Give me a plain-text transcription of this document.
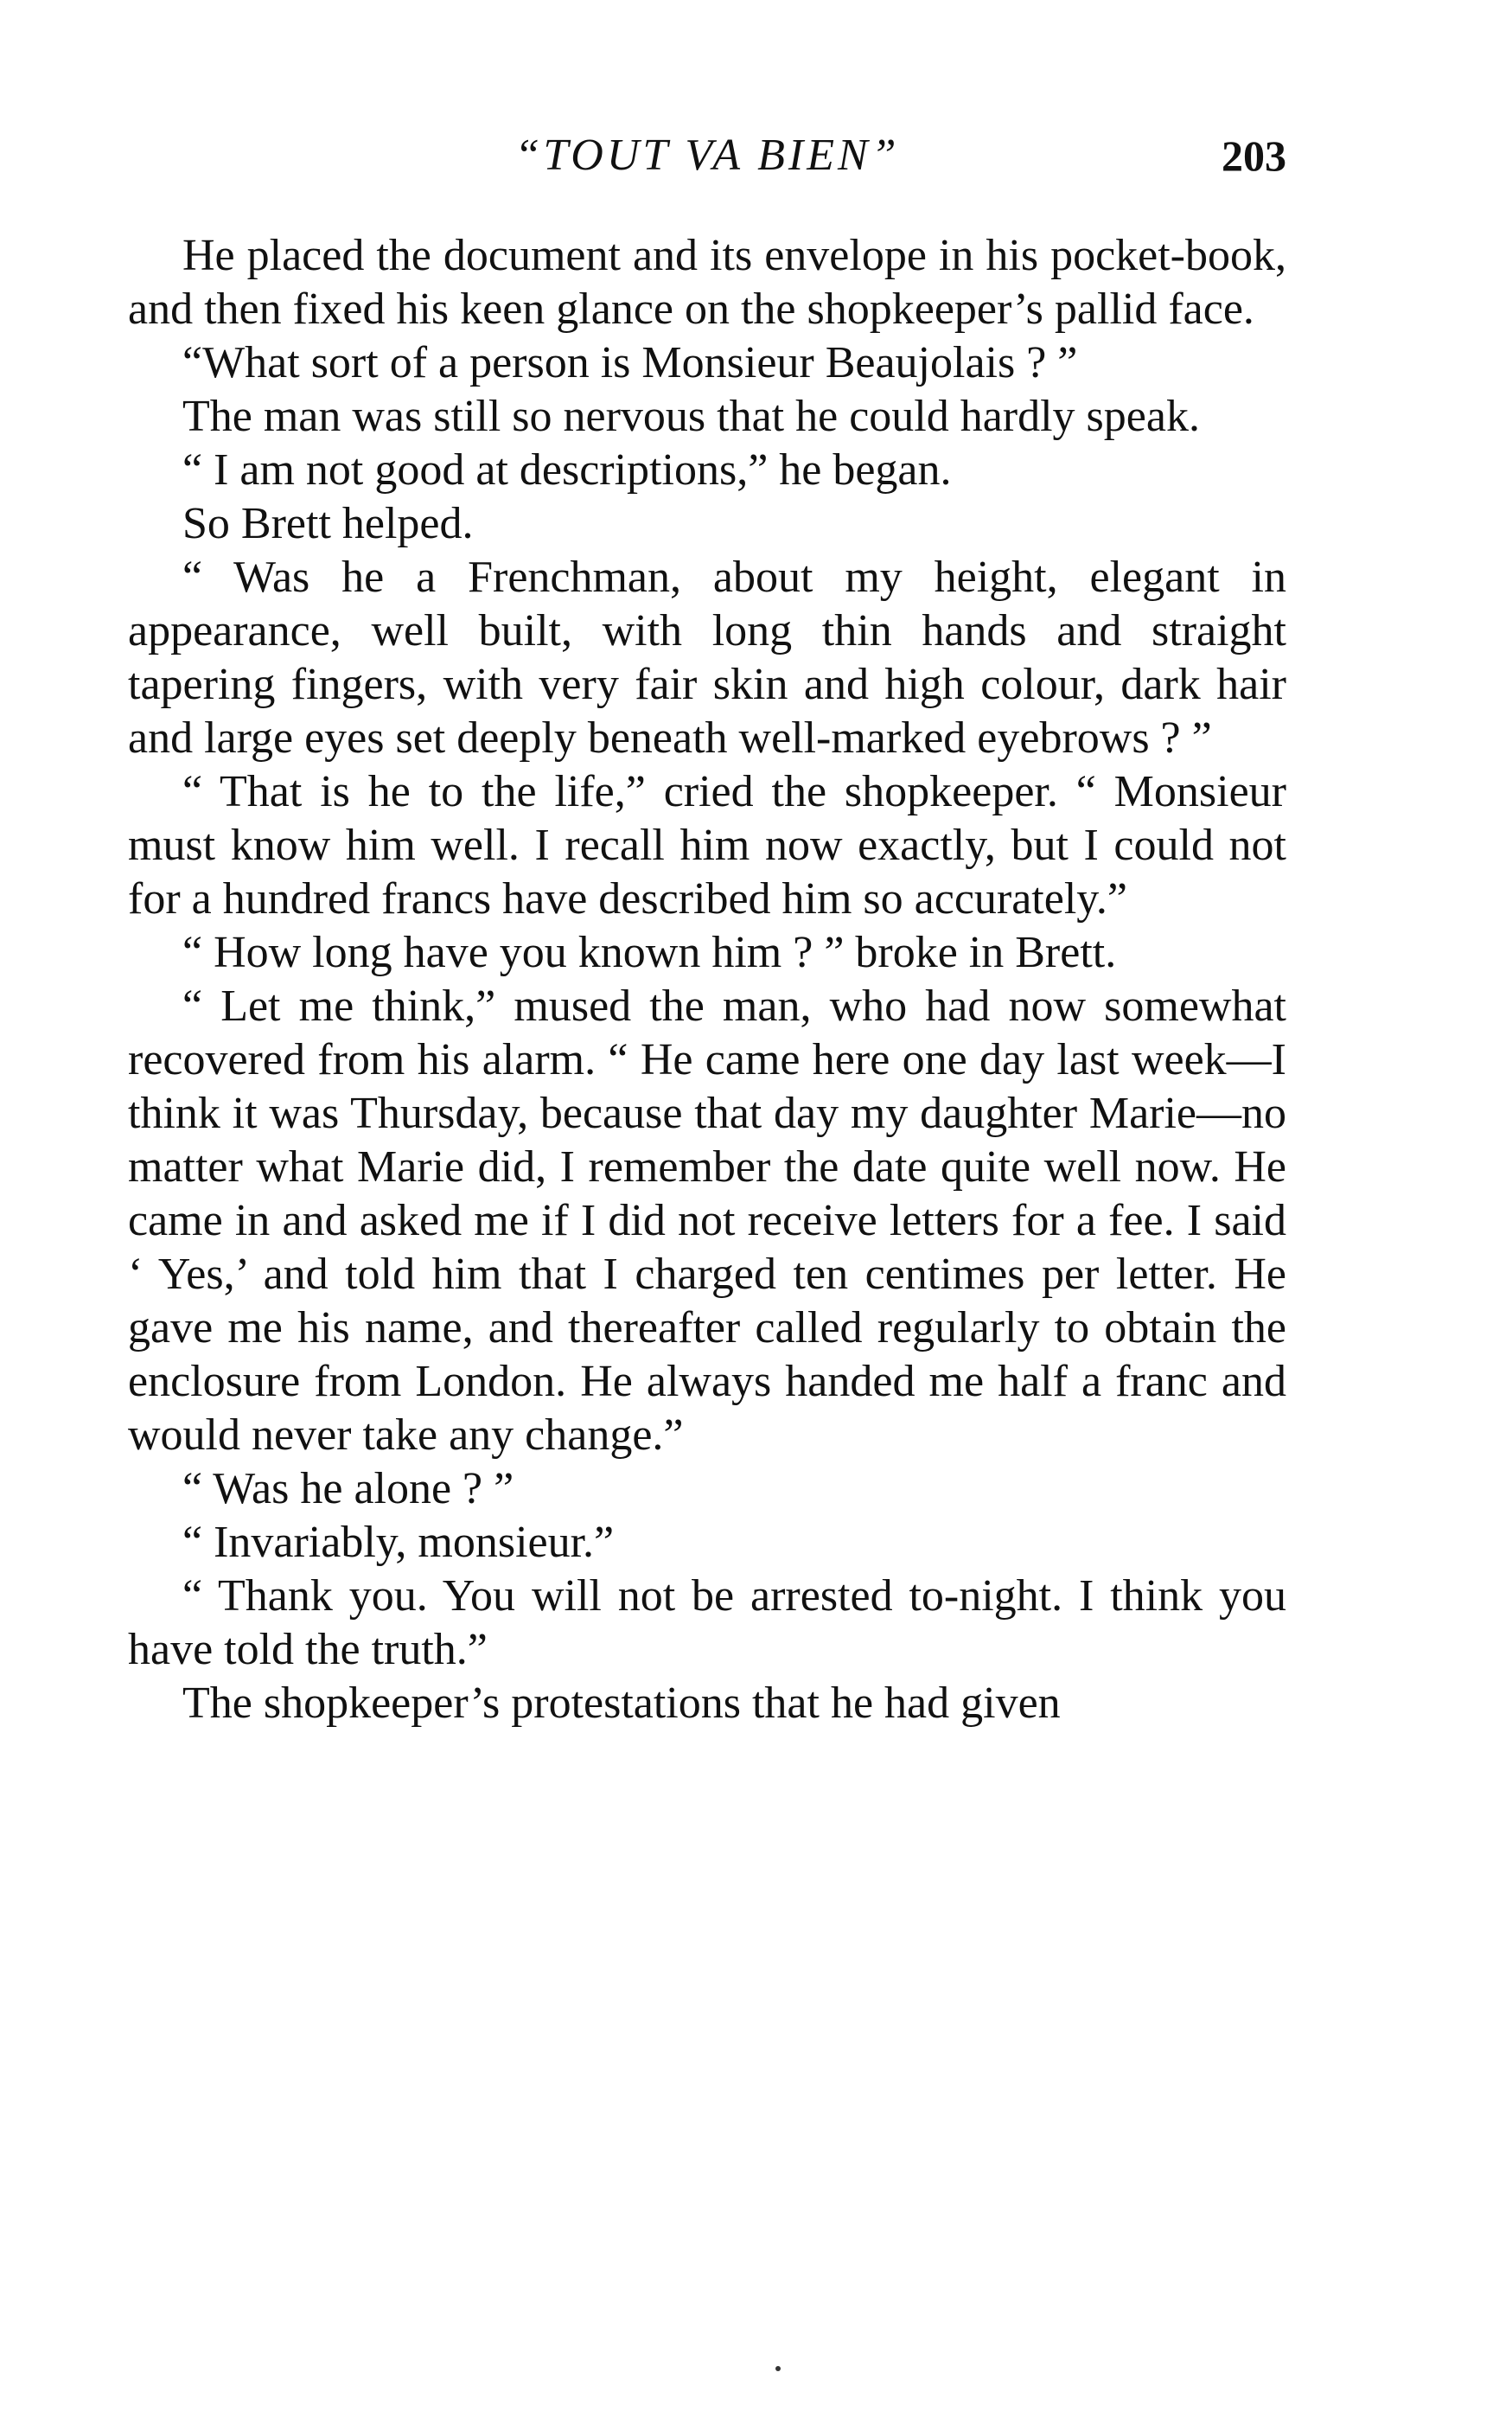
“TOUT VA BIEN”	203

He placed the document and its envelope in his pocket-book, and then fixed his keen glance on the shopkeeper’s pallid face.

“What sort of a person is Monsieur Beaujolais ? ”

The man was still so nervous that he could hardly speak.

“ I am not good at descriptions,” he began.

So Brett helped.

“ Was he a Frenchman, about my height, elegant in appearance, well built, with long thin hands and straight tapering fingers, with very fair skin and high colour, dark hair and large eyes set deeply beneath well-marked eyebrows ? ”

“ That is he to the life,” cried the shopkeeper. “ Monsieur must know him well. I recall him now exactly, but I could not for a hundred francs have described him so accurately.”

“ How long have you known him ? ” broke in Brett.

“ Let me think,” mused the man, who had now somewhat recovered from his alarm. “ He came here one day last week—I think it was Thursday, because that day my daughter Marie—no matter what Marie did, I remember the date quite well now. He came in and asked me if I did not receive letters for a fee. I said ‘ Yes,’ and told him that I charged ten centimes per letter. He gave me his name, and thereafter called regularly to obtain the enclosure from London. He always handed me half a franc and would never take any change.”

“ Was he alone ? ”

“ Invariably, monsieur.”

“ Thank you. You will not be arrested to-night. I think you have told the truth.”

The shopkeeper’s protestations that he had given
